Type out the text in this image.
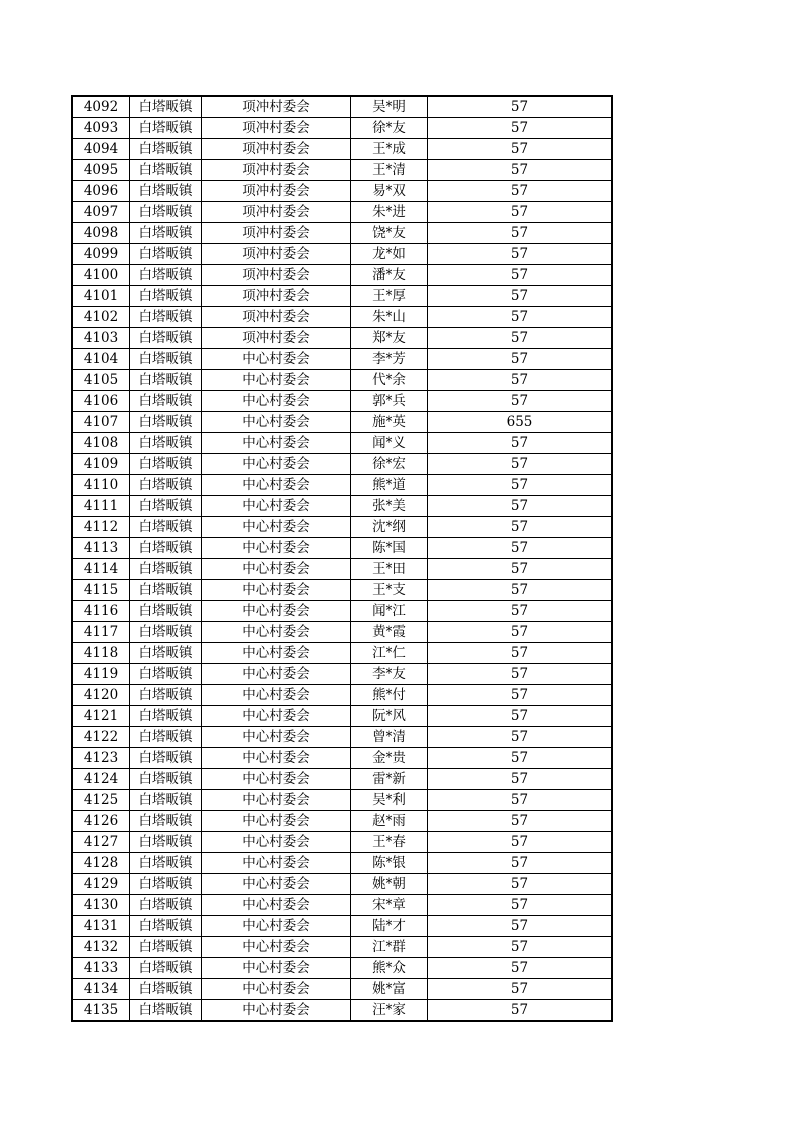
4092	白塔畈镇	项冲村委会	吴*明	57
4093	白塔畈镇	项冲村委会	徐*友	57
4094	白塔畈镇	项冲村委会	王*成	57
4095	白塔畈镇	项冲村委会	王*清	57
4096	白塔畈镇	项冲村委会	易*双	57
4097	白塔畈镇	项冲村委会	朱*进	57
4098	白塔畈镇	项冲村委会	饶*友	57
4099	白塔畈镇	项冲村委会	龙*如	57
4100	白塔畈镇	项冲村委会	潘*友	57
4101	白塔畈镇	项冲村委会	王*厚	57
4102	白塔畈镇	项冲村委会	朱*山	57
4103	白塔畈镇	项冲村委会	郑*友	57
4104	白塔畈镇	中心村委会	李*芳	57
4105	白塔畈镇	中心村委会	代*余	57
4106	白塔畈镇	中心村委会	郭*兵	57
4107	白塔畈镇	中心村委会	施*英	655
4108	白塔畈镇	中心村委会	闻*义	57
4109	白塔畈镇	中心村委会	徐*宏	57
4110	白塔畈镇	中心村委会	熊*道	57
4111	白塔畈镇	中心村委会	张*美	57
4112	白塔畈镇	中心村委会	沈*纲	57
4113	白塔畈镇	中心村委会	陈*国	57
4114	白塔畈镇	中心村委会	王*田	57
4115	白塔畈镇	中心村委会	王*支	57
4116	白塔畈镇	中心村委会	闻*江	57
4117	白塔畈镇	中心村委会	黄*霞	57
4118	白塔畈镇	中心村委会	江*仁	57
4119	白塔畈镇	中心村委会	李*友	57
4120	白塔畈镇	中心村委会	熊*付	57
4121	白塔畈镇	中心村委会	阮*风	57
4122	白塔畈镇	中心村委会	曾*清	57
4123	白塔畈镇	中心村委会	金*贵	57
4124	白塔畈镇	中心村委会	雷*新	57
4125	白塔畈镇	中心村委会	吴*利	57
4126	白塔畈镇	中心村委会	赵*雨	57
4127	白塔畈镇	中心村委会	王*春	57
4128	白塔畈镇	中心村委会	陈*银	57
4129	白塔畈镇	中心村委会	姚*朝	57
4130	白塔畈镇	中心村委会	宋*章	57
4131	白塔畈镇	中心村委会	陆*才	57
4132	白塔畈镇	中心村委会	江*群	57
4133	白塔畈镇	中心村委会	熊*众	57
4134	白塔畈镇	中心村委会	姚*富	57
4135	白塔畈镇	中心村委会	汪*家	57
